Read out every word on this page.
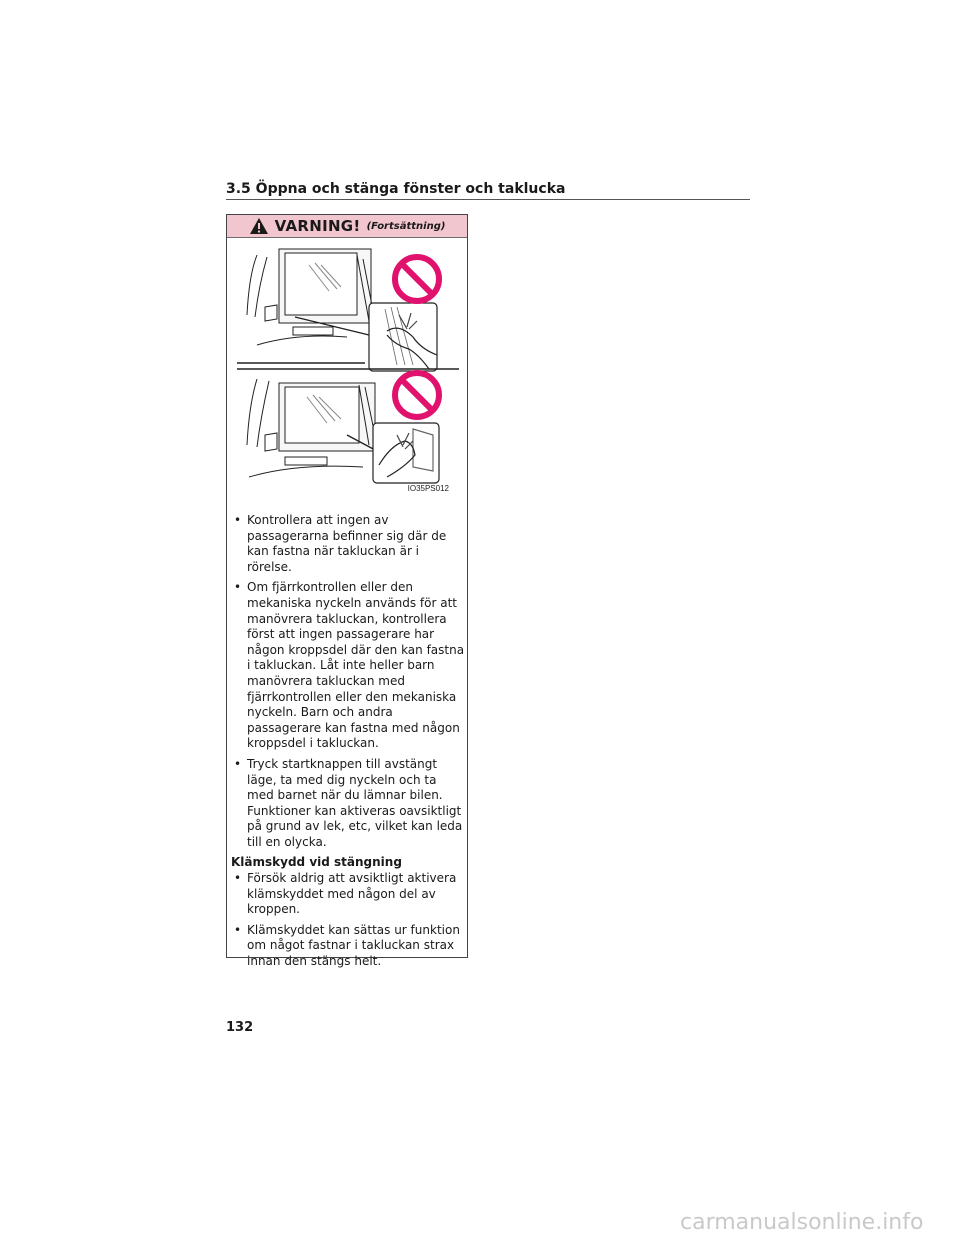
3.5 Öppna och stänga fönster och taklucka
VARNING! (Fortsättning)
IO35PS012
• Kontrollera att ingen av passagerarna befinner sig där de kan fastna när takluckan är i rörelse.
• Om fjärrkontrollen eller den mekaniska nyckeln används för att manövrera takluckan, kontrollera först att ingen passagerare har någon kroppsdel där den kan fastna i takluckan. Låt inte heller barn manövrera takluckan med fjärrkontrollen eller den mekaniska nyckeln. Barn och andra passagerare kan fastna med någon kroppsdel i takluckan.
• Tryck startknappen till avstängt läge, ta med dig nyckeln och ta med barnet när du lämnar bilen. Funktioner kan aktiveras oavsiktligt på grund av lek, etc, vilket kan leda till en olycka.
Klämskydd vid stängning
• Försök aldrig att avsiktligt aktivera klämskyddet med någon del av kroppen.
• Klämskyddet kan sättas ur funktion om något fastnar i takluckan strax innan den stängs helt.
132
carmanualsonline.info
